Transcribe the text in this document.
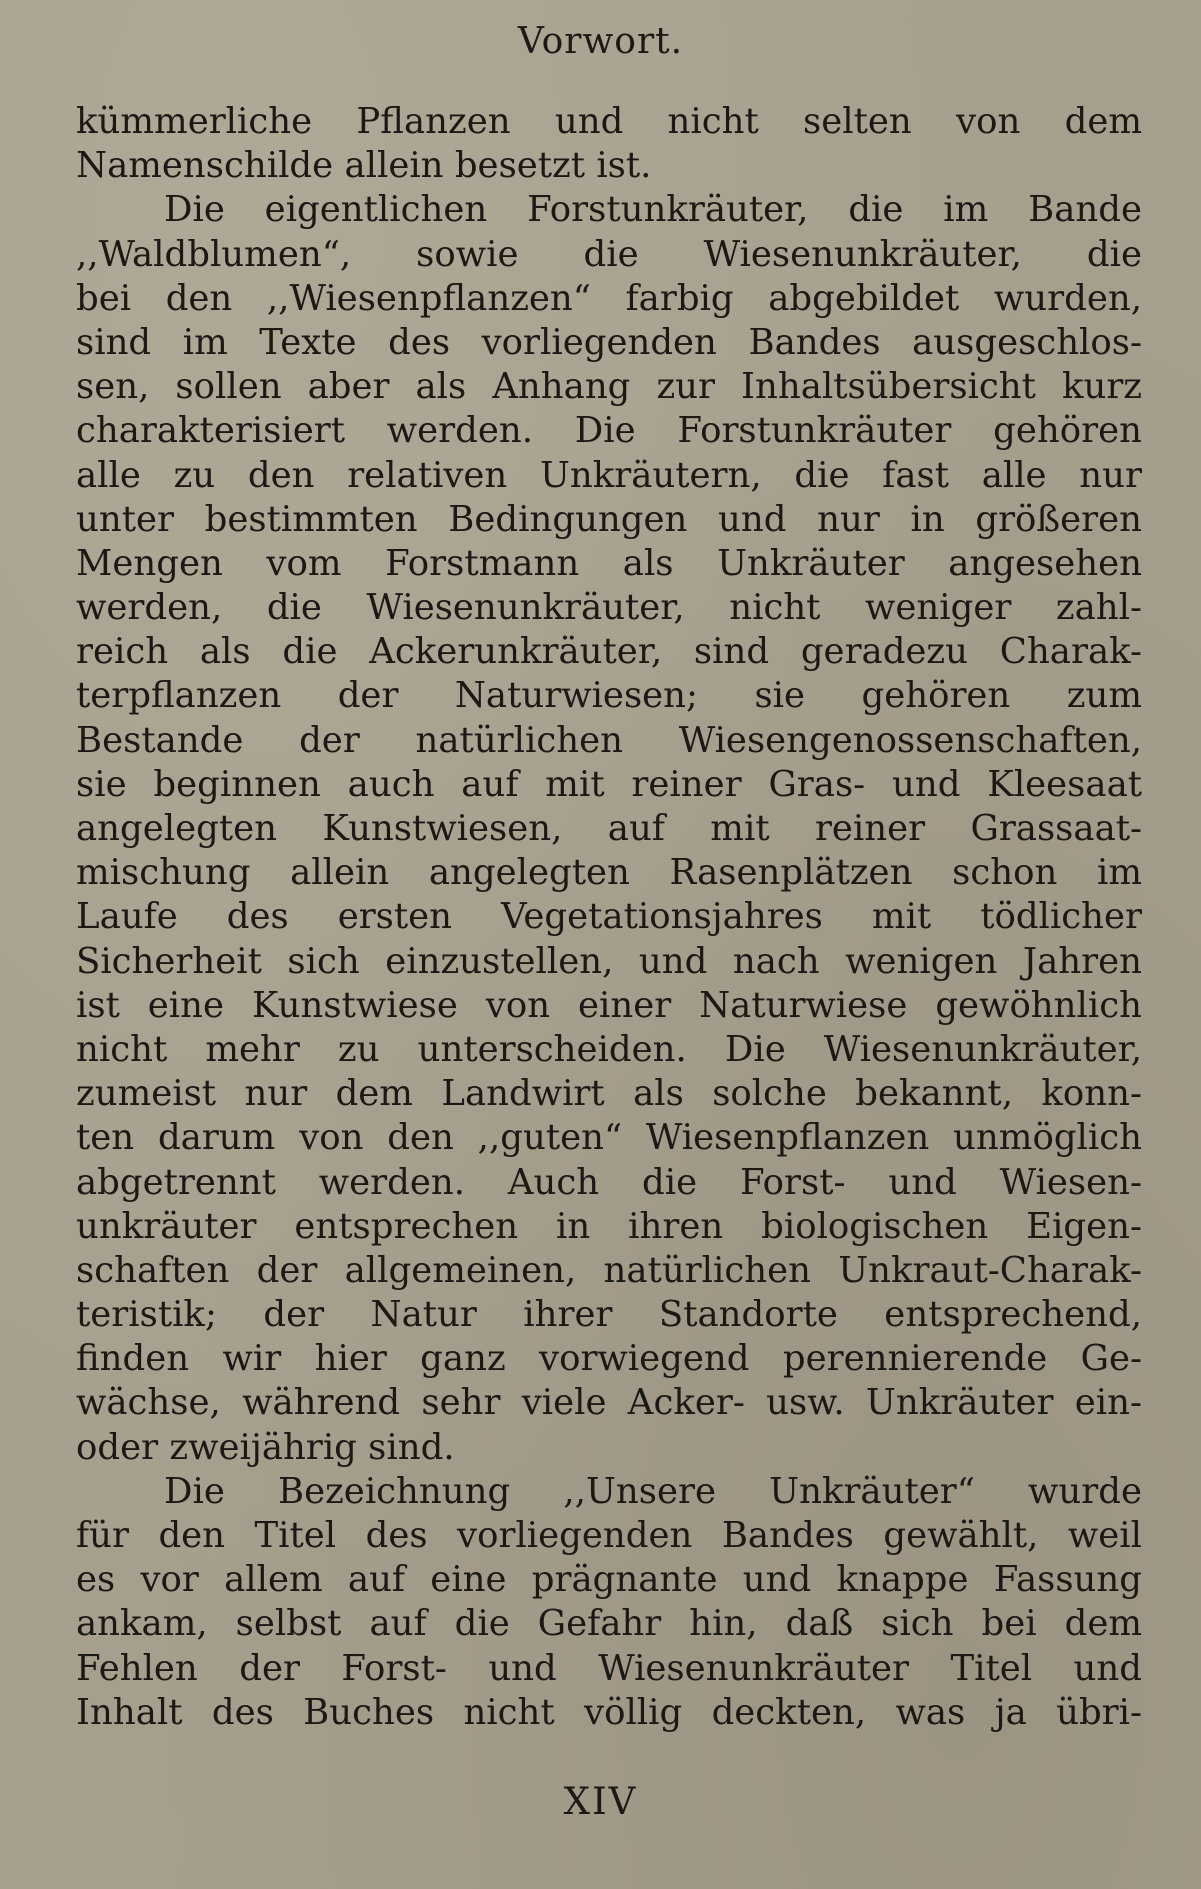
Vorwort.
kümmerliche Pflanzen und nicht selten von dem
Namenschilde allein besetzt ist.
Die eigentlichen Forstunkräuter, die im Bande
,,Waldblumen“, sowie die Wiesenunkräuter, die
bei den ,,Wiesenpflanzen“ farbig abgebildet wurden,
sind im Texte des vorliegenden Bandes ausgeschlos-
sen, sollen aber als Anhang zur Inhaltsübersicht kurz
charakterisiert werden. Die Forstunkräuter gehören
alle zu den relativen Unkräutern, die fast alle nur
unter bestimmten Bedingungen und nur in größeren
Mengen vom Forstmann als Unkräuter angesehen
werden, die Wiesenunkräuter, nicht weniger zahl-
reich als die Ackerunkräuter, sind geradezu Charak-
terpflanzen der Naturwiesen; sie gehören zum
Bestande der natürlichen Wiesengenossenschaften,
sie beginnen auch auf mit reiner Gras- und Kleesaat
angelegten Kunstwiesen, auf mit reiner Grassaat-
mischung allein angelegten Rasenplätzen schon im
Laufe des ersten Vegetationsjahres mit tödlicher
Sicherheit sich einzustellen, und nach wenigen Jahren
ist eine Kunstwiese von einer Naturwiese gewöhnlich
nicht mehr zu unterscheiden. Die Wiesenunkräuter,
zumeist nur dem Landwirt als solche bekannt, konn-
ten darum von den ,,guten“ Wiesenpflanzen unmöglich
abgetrennt werden. Auch die Forst- und Wiesen-
unkräuter entsprechen in ihren biologischen Eigen-
schaften der allgemeinen, natürlichen Unkraut-Charak-
teristik; der Natur ihrer Standorte entsprechend,
finden wir hier ganz vorwiegend perennierende Ge-
wächse, während sehr viele Acker- usw. Unkräuter ein-
oder zweijährig sind.
Die Bezeichnung ,,Unsere Unkräuter“ wurde
für den Titel des vorliegenden Bandes gewählt, weil
es vor allem auf eine prägnante und knappe Fassung
ankam, selbst auf die Gefahr hin, daß sich bei dem
Fehlen der Forst- und Wiesenunkräuter Titel und
Inhalt des Buches nicht völlig deckten, was ja übri-
XIV
